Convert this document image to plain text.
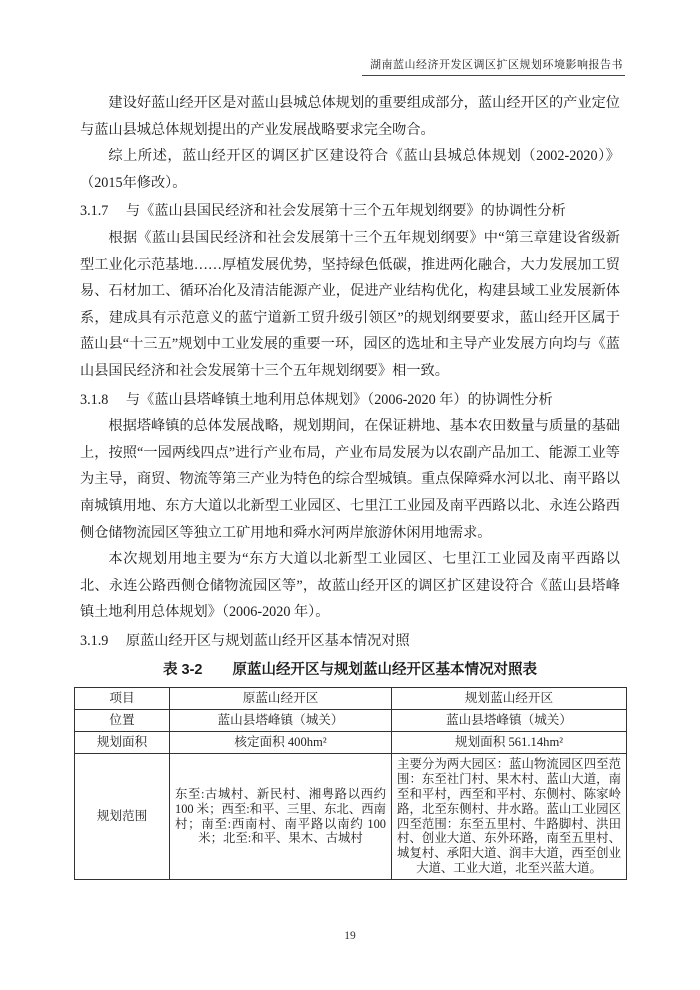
湖南蓝山经济开发区调区扩区规划环境影响报告书

建设好蓝山经开区是对蓝山县城总体规划的重要组成部分，蓝山经开区的产业定位与蓝山县城总体规划提出的产业发展战略要求完全吻合。

综上所述，蓝山经开区的调区扩区建设符合《蓝山县城总体规划（2002-2020）》（2015年修改）。

3.1.7 与《蓝山县国民经济和社会发展第十三个五年规划纲要》的协调性分析

根据《蓝山县国民经济和社会发展第十三个五年规划纲要》中“第三章建设省级新型工业化示范基地……厚植发展优势，坚持绿色低碳，推进两化融合，大力发展加工贸易、石材加工、循环冶化及清洁能源产业，促进产业结构优化，构建县域工业发展新体系，建成具有示范意义的蓝宁道新工贸升级引领区”的规划纲要要求，蓝山经开区属于蓝山县“十三五”规划中工业发展的重要一环，园区的选址和主导产业发展方向均与《蓝山县国民经济和社会发展第十三个五年规划纲要》相一致。

3.1.8 与《蓝山县塔峰镇土地利用总体规划》（2006-2020 年）的协调性分析

根据塔峰镇的总体发展战略，规划期间，在保证耕地、基本农田数量与质量的基础上，按照“一园两线四点”进行产业布局，产业布局发展为以农副产品加工、能源工业等为主导，商贸、物流等第三产业为特色的综合型城镇。重点保障舜水河以北、南平路以南城镇用地、东方大道以北新型工业园区、七里江工业园及南平西路以北、永连公路西侧仓储物流园区等独立工矿用地和舜水河两岸旅游休闲用地需求。

本次规划用地主要为“东方大道以北新型工业园区、七里江工业园及南平西路以北、永连公路西侧仓储物流园区等”，故蓝山经开区的调区扩区建设符合《蓝山县塔峰镇土地利用总体规划》（2006-2020 年）。

3.1.9 原蓝山经开区与规划蓝山经开区基本情况对照
表 3-2 原蓝山经开区与规划蓝山经开区基本情况对照表
项目	原蓝山经开区	规划蓝山经开区
位置	蓝山县塔峰镇（城关）	蓝山县塔峰镇（城关）
规划面积	核定面积 400hm²	规划面积 561.14hm²
规划范围	东至:古城村、新民村、湘粤路以西约 100 米；西至:和平、三里、东北、西南村；南至:西南村、南平路以南约 100 米；北至:和平、果木、古城村	主要分为两大园区：蓝山物流园区四至范围：东至社门村、果木村、蓝山大道，南至和平村，西至和平村、东侧村、陈家岭路，北至东侧村、井水路。蓝山工业园区四至范围：东至五里村、牛路脚村、洪田村、创业大道、东外环路，南至五里村、城复村、承阳大道、润丰大道，西至创业大道、工业大道，北至兴蓝大道。
19
